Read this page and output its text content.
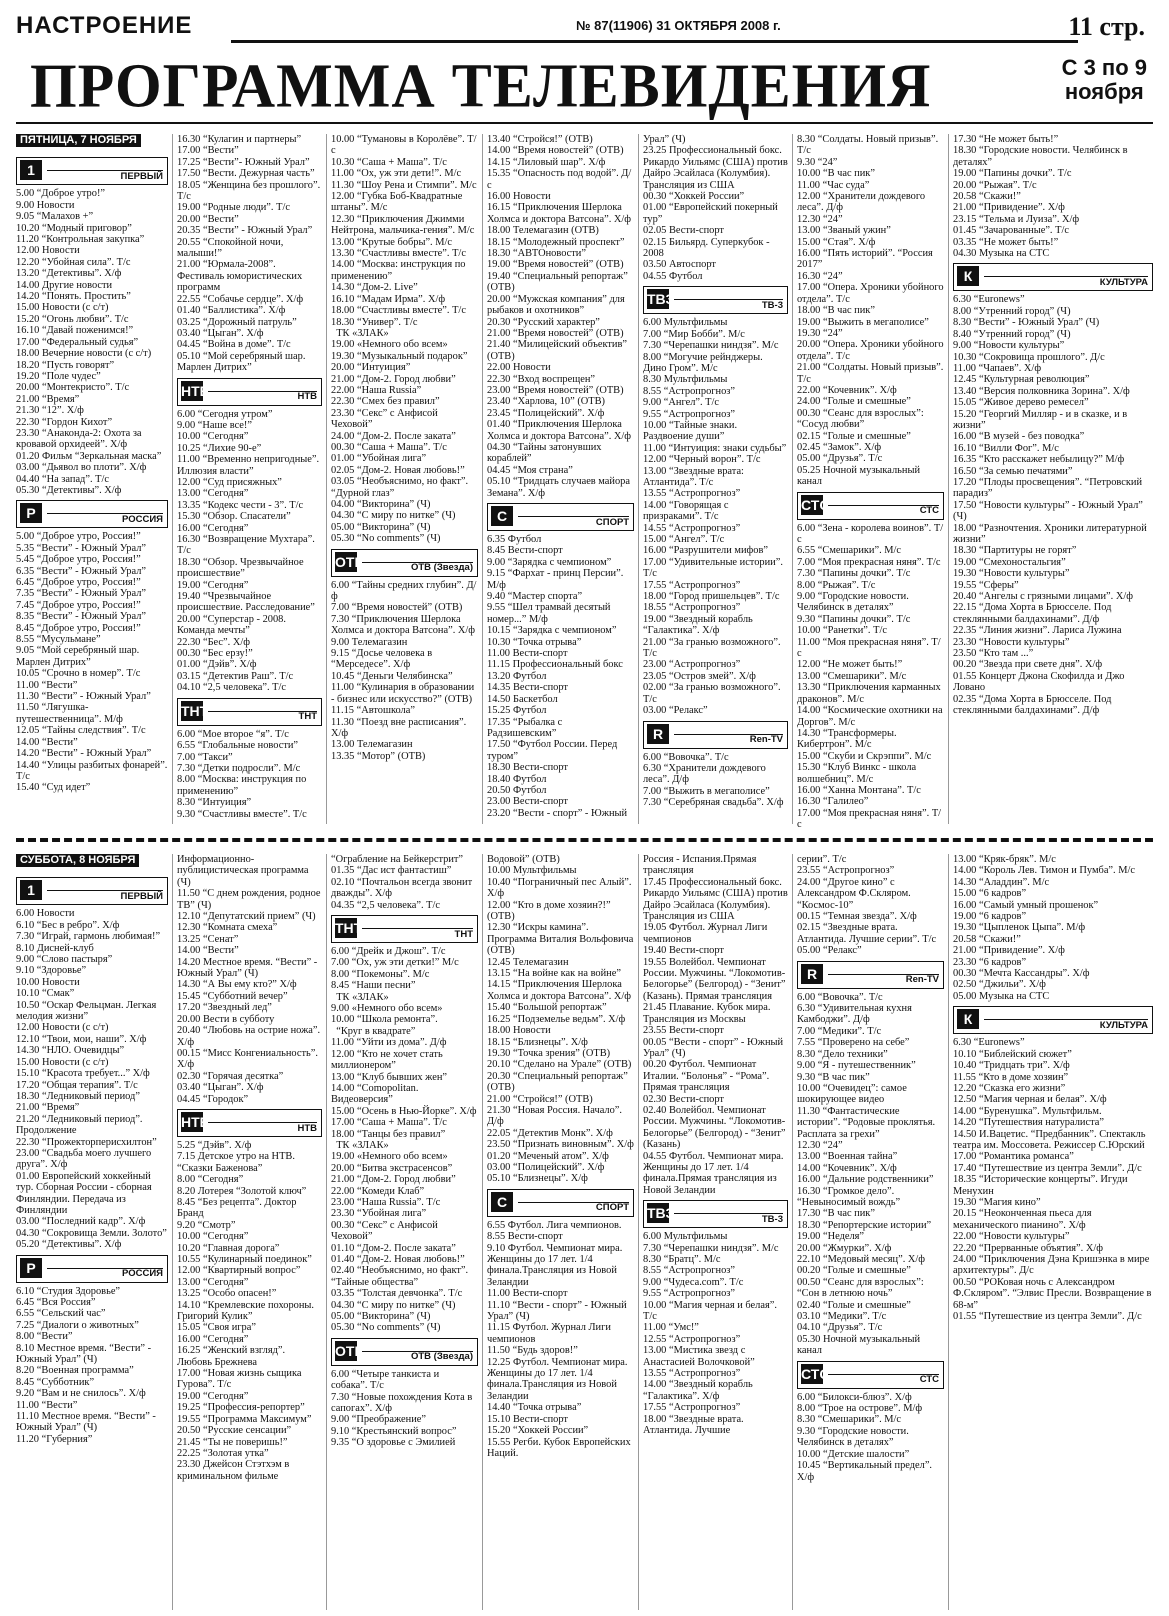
НАСТРОЕНИЕ	№ 87(11906) 31 ОКТЯБРЯ 2008 г.	11 стр.
ПРОГРАММА ТЕЛЕВИДЕНИЯ	С 3 по 9
ноября
ПЯТНИЦА, 7 НОЯБРЯ
1	ПЕРВЫЙ
5.00 “Доброе утро!”
9.00 Новости
9.05 “Малахов +”
10.20 “Модный приговор”
11.20 “Контрольная закупка”
12.00 Новости
12.20 “Убойная сила”. Т/с
13.20 “Детективы”. Х/ф
14.00 Другие новости
14.20 “Понять. Простить”
15.00 Новости (с с/т)
15.20 “Огонь любви”. Т/с
16.10 “Давай поженимся!”
17.00 “Федеральный судья”
18.00 Вечерние новости (с с/т)
18.20 “Пусть говорят”
19.20 “Поле чудес”
20.00 “Монтекристо”. Т/с
21.00 “Время”
21.30 “12”. Х/ф
22.30 “Гордон Кихот”
23.30 “Анаконда-2: Охота за кровавой орхидеей”. Х/ф
01.20 Фильм “Зеркальная маска”
03.00 “Дьявол во плоти”. Х/ф
04.40 “На запад”. Т/с
05.30 “Детективы”. Х/ф
Р	РОССИЯ
5.00 “Доброе утро, Россия!”
5.35 “Вести” - Южный Урал”
5.45 “Доброе утро, Россия!”
6.35 “Вести” - Южный Урал”
6.45 “Доброе утро, Россия!”
7.35 “Вести” - Южный Урал”
7.45 “Доброе утро, Россия!”
8.35 “Вести” - Южный Урал”
8.45 “Доброе утро, Россия!”
8.55 “Мусульмане”
9.05 “Мой серебряный шар. Марлен Дитрих”
10.05 “Срочно в номер”. Т/с
11.00 “Вести”
11.30 “Вести” - Южный Урал”
11.50 “Лягушка-путешественница”. М/ф
12.05 “Тайны следствия”. Т/с
14.00 “Вести”
14.20 “Вести” - Южный Урал”
14.40 “Улицы разбитых фонарей”. Т/с
15.40 “Суд идет”
16.30 “Кулагин и партнеры”
17.00 “Вести”
17.25 “Вести”- Южный Урал”
17.50 “Вести. Дежурная часть”
18.05 “Женщина без прошлого”. Т/с
19.00 “Родные люди”. Т/с
20.00 “Вести”
20.35 “Вести” - Южный Урал”
20.55 “Спокойной ночи, малыши!”
21.00 “Юрмала-2008”. Фестиваль юмористических программ
22.55 “Собачье сердце”. Х/ф
01.40 “Баллистика”. Х/ф
03.25 “Дорожный патруль”
03.40 “Цыган”. Х/ф
04.45 “Война в доме”. Т/с
05.10 “Мой серебряный шар. Марлен Дитрих”
НТВ	НТВ
6.00 “Сегодня утром”
9.00 “Наше все!”
10.00 “Сегодня”
10.25 “Лихие 90-е”
11.00 “Временно непригодные”. Иллюзия власти”
12.00 “Суд присяжных”
13.00 “Сегодня”
13.35 “Кодекс чести - 3”. Т/с
15.30 “Обзор. Спасатели”
16.00 “Сегодня”
16.30 “Возвращение Мухтара”. Т/с
18.30 “Обзор. Чрезвычайное происшествие”
19.00 “Сегодня”
19.40 “Чрезвычайное происшествие. Расследование”
20.00 “Суперстар - 2008. Команда мечты”
22.30 “Бес”. Х/ф
00.30 “Бес ерзу!”
01.00 “Дэйв”. Х/ф
03.15 “Детектив Раш”. Т/с
04.10 “2,5 человека”. Т/с
ТНТ	ТНТ
6.00 “Мое второе “я”. Т/с
6.55 “Глобальные новости”
7.00 “Такси”
7.30 “Детки подросли”. М/с
8.00 “Москва: инструкция по применению”
8.30 “Интуиция”
9.30 “Счастливы вместе”. Т/с
10.00 “Тумановы в Королёве”. Т/с
10.30 “Саша + Маша”. Т/с
11.00 “Ох, уж эти дети!”. М/с
11.30 “Шоу Рена и Стимпи”. М/с
12.00 “Губка Боб-Квадратные штаны”. М/с
12.30 “Приключения Джимми Нейтрона, мальчика-гения”. М/с
13.00 “Крутые бобры”. М/с
13.30 “Счастливы вместе”. Т/с
14.00 “Москва: инструкция по применению”
14.30 “Дом-2. Live”
16.10 “Мадам Ирма”. Х/ф
18.00 “Счастливы вместе”. Т/с
18.30 “Универ”. Т/с
ТК «ЗЛАК»
19.00 «Немного обо всем»
19.30 “Музыкальный подарок”
20.00 “Интуиция”
21.00 “Дом-2. Город любви”
22.00 “Наша Russia”
22.30 “Смех без правил”
23.30 “Секс” с Анфисой Чеховой”
24.00 “Дом-2. После заката”
00.30 “Саша + Маша”. Т/с
01.00 “Убойная лига”
02.05 “Дом-2. Новая любовь!”
03.05 “Необъяснимо, но факт”. “Дурной глаз”
04.00 “Викторина” (Ч)
04.30 “С миру по нитке” (Ч)
05.00 “Викторина” (Ч)
05.30 “No comments” (Ч)
ОТВ	ОТВ (Звезда)
6.00 “Тайны средних глубин”. Д/ф
7.00 “Время новостей” (ОТВ)
7.30 “Приключения Шерлока Холмса и доктора Ватсона”. Х/ф
9.00 Телемагазин
9.15 “Досье человека в “Мерседесе”. Х/ф
10.45 “Деньги Челябинска”
11.00 “Кулинария в образовании - бизнес или искусство?” (ОТВ)
11.15 “Автошкола”
11.30 “Поезд вне расписания”. Х/ф
13.00 Телемагазин
13.35 “Мотор” (ОТВ)
13.40 “Стройся!” (ОТВ)
14.00 “Время новостей” (ОТВ)
14.15 “Лиловый шар”. Х/ф
15.35 “Опасность под водой”. Д/с
16.00 Новости
16.15 “Приключения Шерлока Холмса и доктора Ватсона”. Х/ф
18.00 Телемагазин (ОТВ)
18.15 “Молодежный проспект”
18.30 “АВТОновости”
19.00 “Время новостей” (ОТВ)
19.40 “Специальный репортаж” (ОТВ)
20.00 “Мужская компания” для рыбаков и охотников”
20.30 “Русский характер”
21.00 “Время новостей” (ОТВ)
21.40 “Милицейский объектив” (ОТВ)
22.00 Новости
22.30 “Вход воспрещен”
23.00 “Время новостей” (ОТВ)
23.40 “Харлова, 10” (ОТВ)
23.45 “Полицейский”. Х/ф
01.40 “Приключения Шерлока Холмса и доктора Ватсона”. Х/ф
04.30 “Тайны затонувших кораблей”
04.45 “Моя страна”
05.10 “Тридцать случаев майора Земана”. Х/ф
С	СПОРТ
6.35 Футбол
8.45 Вести-спорт
9.00 “Зарядка с чемпионом”
9.15 “Фархат - принц Персии”. М/ф
9.40 “Мастер спорта”
9.55 “Шел трамвай десятый номер...” М/ф
10.15 “Зарядка с чемпионом”
10.30 “Точка отрыва”
11.00 Вести-спорт
11.15 Профессиональный бокс
13.20 Футбол
14.35 Вести-спорт
14.50 Баскетбол
15.25 Футбол
17.35 “Рыбалка с Радзишевским”
17.50 “Футбол России. Перед туром”
18.30 Вести-спорт
18.40 Футбол
20.50 Футбол
23.00 Вести-спорт
23.20 “Вести - спорт” - Южный
Урал” (Ч)
23.25 Профессиональный бокс. Рикардо Уильямс (США) против Дайро Эсайласа (Колумбия). Трансляция из США
00.30 “Хоккей России”
01.00 “Европейский покерный тур”
02.05 Вести-спорт
02.15 Бильярд. Суперкубок - 2008
03.50 Автоспорт
04.55 Футбол
ТВ3	ТВ-3
6.00 Мультфильмы
7.00 “Мир Бобби”. М/с
7.30 “Черепашки ниндзя”. М/с
8.00 “Могучие рейнджеры. Дино Гром”. М/с
8.30 Мультфильмы
8.55 “Астропрогноз”
9.00 “Ангел”. Т/с
9.55 “Астропрогноз”
10.00 “Тайные знаки. Раздвоение души”
11.00 “Интуиция: знаки судьбы”
12.00 “Черный ворон”. Т/с
13.00 “Звездные врата: Атлантида”. Т/с
13.55 “Астропрогноз”
14.00 “Говорящая с призраками”. Т/с
14.55 “Астропрогноз”
15.00 “Ангел”. Т/с
16.00 “Разрушители мифов”
17.00 “Удивительные истории”. Т/с
17.55 “Астропрогноз”
18.00 “Город пришельцев”. Т/с
18.55 “Астропрогноз”
19.00 “Звездный корабль “Галактика”. Х/ф
21.00 “За гранью возможного”. Т/с
23.00 “Астропрогноз”
23.05 “Остров змей”. Х/ф
02.00 “За гранью возможного”. Т/с
03.00 “Релакс”
R	Ren-TV
6.00 “Вовочка”. Т/с
6.30 “Хранители дождевого леса”. Д/ф
7.00 “Выжить в мегаполисе”
7.30 “Серебряная свадьба”. Х/ф
8.30 “Солдаты. Новый призыв”. Т/с
9.30 “24”
10.00 “В час пик”
11.00 “Час суда”
12.00 “Хранители дождевого леса”. Д/ф
12.30 “24”
13.00 “Званый ужин”
15.00 “Стая”. Х/ф
16.00 “Пять историй”. “Россия 2017”
16.30 “24”
17.00 “Опера. Хроники убойного отдела”. Т/с
18.00 “В час пик”
19.00 “Выжить в мегаполисе”
19.30 “24”
20.00 “Опера. Хроники убойного отдела”. Т/с
21.00 “Солдаты. Новый призыв”. Т/с
22.00 “Кочевник”. Х/ф
24.00 “Голые и смешные”
00.30 “Сеанс для взрослых”: “Сосуд любви”
02.15 “Голые и смешные”
02.45 “Замок”. Х/ф
05.00 “Друзья”. Т/с
05.25 Ночной музыкальный канал
СТС	СТС
6.00 “Зена - королева воинов”. Т/с
6.55 “Смешарики”. М/с
7.00 “Моя прекрасная няня”. Т/с
7.30 “Папины дочки”. Т/с
8.00 “Рыжая”. Т/с
9.00 “Городские новости. Челябинск в деталях”
9.30 “Папины дочки”. Т/с
10.00 “Ранетки”. Т/с
11.00 “Моя прекрасная няня”. Т/с
12.00 “Не может быть!”
13.00 “Смешарики”. М/с
13.30 “Приключения карманных драконов”. М/с
14.00 “Космические охотники на Доргов”. М/с
14.30 “Трансформеры. Кибертрон”. М/с
15.00 “Скуби и Скрэппи”. М/с
15.30 “Клуб Винкс - школа волшебниц”. М/с
16.00 “Ханна Монтана”. Т/с
16.30 “Галилео”
17.00 “Моя прекрасная няня”. Т/с
17.30 “Не может быть!”
18.30 “Городские новости. Челябинск в деталях”
19.00 “Папины дочки”. Т/с
20.00 “Рыжая”. Т/с
20.58 “Скажи!”
21.00 “Привидение”. Х/ф
23.15 “Тельма и Луиза”. Х/ф
01.45 “Зачарованные”. Т/с
03.35 “Не может быть!”
04.30 Музыка на СТС
К	КУЛЬТУРА
6.30 “Euronews”
8.00 “Утренний город” (Ч)
8.30 “Вести” - Южный Урал” (Ч)
8.40 “Утренний город” (Ч)
9.00 “Новости культуры”
10.30 “Сокровища прошлого”. Д/с
11.00 “Чапаев”. Х/ф
12.45 “Культурная революция”
13.40 “Версия полковника Зорина”. Х/ф
15.05 “Живое дерево ремесел”
15.20 “Георгий Милляр - и в сказке, и в жизни”
16.00 “В музей - без поводка”
16.10 “Вилли Фог”. М/с
16.35 “Кто расскажет небылицу?” М/ф
16.50 “За семью печатями”
17.20 “Плоды просвещения”. “Петровский парадиз”
17.50 “Новости культуры” - Южный Урал” (Ч)
18.00 “Разночтения. Хроники литературной жизни”
18.30 “Партитуры не горят”
19.00 “Смехоностальгия”
19.30 “Новости культуры”
19.55 “Сферы”
20.40 “Ангелы с грязными лицами”. Х/ф
22.15 “Дома Хорта в Брюсселе. Под стеклянными балдахинами”. Д/ф
22.35 “Линия жизни”. Лариса Лужина
23.30 “Новости культуры”
23.50 “Кто там ...”
00.20 “Звезда при свете дня”. Х/ф
01.55 Концерт Джона Скофилда и Джо Ловано
02.35 “Дома Хорта в Брюсселе. Под стеклянными балдахинами”. Д/ф
СУББОТА, 8 НОЯБРЯ
1	ПЕРВЫЙ
6.00 Новости
6.10 “Бес в ребро”. Х/ф
7.30 “Играй, гармонь любимая!”
8.10 Дисней-клуб
9.00 “Слово пастыря”
9.10 “Здоровье”
10.00 Новости
10.10 “Смак”
10.50 “Оскар Фельцман. Легкая мелодия жизни”
12.00 Новости (с с/т)
12.10 “Твои, мои, наши”. Х/ф
14.30 “НЛО. Очевидцы”
15.00 Новости (с с/т)
15.10 “Красота требует...” Х/ф
17.20 “Общая терапия”. Т/с
18.30 “Ледниковый период”
21.00 “Время”
21.20 “Ледниковый период”. Продолжение
22.30 “Прожекторперисхилтон”
23.00 “Свадьба моего лучшего друга”. Х/ф
01.00 Европейский хоккейный тур. Сборная России - сборная Финляндии. Передача из Финляндии
03.00 “Последний кадр”. Х/ф
04.30 “Сокровища Земли. Золото”
05.20 “Детективы”. Х/ф
Р	РОССИЯ
6.10 “Студия Здоровье”
6.45 “Вся Россия”
6.55 “Сельский час”
7.25 “Диалоги о животных”
8.00 “Вести”
8.10 Местное время. “Вести” - Южный Урал” (Ч)
8.20 “Военная программа”
8.45 “Субботник”
9.20 “Вам и не снилось”. Х/ф
11.00 “Вести”
11.10 Местное время. “Вести” - Южный Урал” (Ч)
11.20 “Губерния”
Информационно-публицистическая программа (Ч)
11.50 “С днем рождения, родное ТВ” (Ч)
12.10 “Депутатский прием” (Ч)
12.30 “Комната смеха”
13.25 “Сенат”
14.00 “Вести”
14.20 Местное время. “Вести” - Южный Урал” (Ч)
14.30 “А Вы ему кто?” Х/ф
15.45 “Субботний вечер”
17.20 “Звездный лед”
20.00 Вести в субботу
20.40 “Любовь на острие ножа”. Х/ф
00.15 “Мисс Конгениальность”. Х/ф
02.30 “Горячая десятка”
03.40 “Цыган”. Х/ф
04.45 “Городок”
НТВ	НТВ
5.25 “Дэйв”. Х/ф
7.15 Детское утро на НТВ. “Сказки Баженова”
8.00 “Сегодня”
8.20 Лотерея “Золотой ключ”
8.45 “Без рецепта”. Доктор Бранд
9.20 “Смотр”
10.00 “Сегодня”
10.20 “Главная дорога”
10.55 “Кулинарный поединок”
12.00 “Квартирный вопрос”
13.00 “Сегодня”
13.25 “Особо опасен!”
14.10 “Кремлевские похороны. Григорий Кулик”
15.05 “Своя игра”
16.00 “Сегодня”
16.25 “Женский взгляд”. Любовь Брежнева
17.00 “Новая жизнь сыщика Гурова”. Т/с
19.00 “Сегодня”
19.25 “Профессия-репортер”
19.55 “Программа Максимум”
20.50 “Русские сенсации”
21.45 “Ты не поверишь!”
22.25 “Золотая утка”
23.30 Джейсон Стэтхэм в криминальном фильме
“Ограбление на Бейкерстрит”
01.35 “Дас ист фантастиш”
02.10 “Почтальон всегда звонит дважды”. Х/ф
04.35 “2,5 человека”. Т/с
ТНТ	ТНТ
6.00 “Дрейк и Джош”. Т/с
7.00 “Ох, уж эти детки!” М/с
8.00 “Покемоны”. М/с
8.45 “Наши песни”
ТК «ЗЛАК»
9.00 «Немного обо всем»
10.00 “Школа ремонта”.
“Круг в квадрате”
11.00 “Уйти из дома”. Д/ф
12.00 “Кто не хочет стать миллионером”
13.00 “Клуб бывших жен”
14.00 “Comopolitan. Видеоверсия”
15.00 “Осень в Нью-Йорке”. Х/ф
17.00 “Саша + Маша”. Т/с
18.00 “Танцы без правил”
ТК «ЗЛАК»
19.00 «Немного обо всем»
20.00 “Битва экстрасенсов”
21.00 “Дом-2. Город любви”
22.00 “Комеди Клаб”
23.00 “Наша Russia”. Т/с
23.30 “Убойная лига”
00.30 “Секс” с Анфисой Чеховой”
01.10 “Дом-2. После заката”
01.40 “Дом-2. Новая любовь!”
02.40 “Необъяснимо, но факт”. “Тайные общества”
03.35 “Толстая девчонка”. Т/с
04.30 “С миру по нитке” (Ч)
05.00 “Викторина” (Ч)
05.30 “No comments” (Ч)
ОТВ	ОТВ (Звезда)
6.00 “Четыре танкиста и собака”. Т/с
7.30 “Новые похождения Кота в сапогах”. Х/ф
9.00 “Преображение”
9.10 “Крестьянский вопрос”
9.35 “О здоровье с Эмилией
Водовой” (ОТВ)
10.00 Мультфильмы
10.40 “Пограничный пес Алый”. Х/ф
12.00 “Кто в доме хозяин?!” (ОТВ)
12.30 “Искры камина”. Программа Виталия Вольфовича (ОТВ)
12.45 Телемагазин
13.15 “На войне как на войне”
14.15 “Приключения Шерлока Холмса и доктора Ватсона”. Х/ф
15.40 “Большой репортаж”
16.25 “Подземелье ведьм”. Х/ф
18.00 Новости
18.15 “Близнецы”. Х/ф
19.30 “Точка зрения” (ОТВ)
20.10 “Сделано на Урале” (ОТВ)
20.30 “Специальный репортаж” (ОТВ)
21.00 “Стройся!” (ОТВ)
21.30 “Новая Россия. Начало”. Д/ф
22.05 “Детектив Монк”. Х/ф
23.50 “Признать виновным”. Х/ф
01.20 “Меченый атом”. Х/ф
03.00 “Полицейский”. Х/ф
05.10 “Близнецы”. Х/ф
С	СПОРТ
6.55 Футбол. Лига чемпионов.
8.55 Вести-спорт
9.10 Футбол. Чемпионат мира. Женщины до 17 лет. 1/4 финала.Трансляция из Новой Зеландии
11.00 Вести-спорт
11.10 “Вести - спорт” - Южный Урал” (Ч)
11.15 Футбол. Журнал Лиги чемпионов
11.50 “Будь здоров!”
12.25 Футбол. Чемпионат мира. Женщины до 17 лет. 1/4 финала.Трансляция из Новой Зеландии
14.40 “Точка отрыва”
15.10 Вести-спорт
15.20 “Хоккей России”
15.55 Регби. Кубок Европейских Наций.
Россия - Испания.Прямая трансляция
17.45 Профессиональный бокс. Рикардо Уильямс (США) против Дайро Эсайласа (Колумбия). Трансляция из США
19.05 Футбол. Журнал Лиги чемпионов
19.40 Вести-спорт
19.55 Волейбол. Чемпионат России. Мужчины. “Локомотив-Белогорье” (Белгород) - “Зенит” (Казань). Прямая трансляция
21.45 Плавание. Кубок мира. Трансляция из Москвы
23.55 Вести-спорт
00.05 “Вести - спорт” - Южный Урал” (Ч)
00.20 Футбол. Чемпионат Италии. “Болонья” - “Рома”. Прямая трансляция
02.30 Вести-спорт
02.40 Волейбол. Чемпионат России. Мужчины. “Локомотив-Белогорье” (Белгород) - “Зенит” (Казань)
04.55 Футбол. Чемпионат мира. Женщины до 17 лет. 1/4 финала.Прямая трансляция из Новой Зеландии
ТВ3	ТВ-3
6.00 Мультфильмы
7.30 “Черепашки ниндзя”. М/с
8.30 “Братц”. М/с
8.55 “Астропрогноз”
9.00 “Чудеса.com”. Т/с
9.55 “Астропрогноз”
10.00 “Магия черная и белая”. Т/с
11.00 “Умс!”
12.55 “Астропрогноз”
13.00 “Мистика звезд с Анастасией Волочковой”
13.55 “Астропрогноз”
14.00 “Звездный корабль “Галактика”. Х/ф
17.55 “Астропрогноз”
18.00 “Звездные врата. Атлантида. Лучшие
серии”. Т/с
23.55 “Астропрогноз”
24.00 “Другое кино” с Александром Ф.Скляром. “Космос-10”
00.15 “Темная звезда”. Х/ф
02.15 “Звездные врата. Атлантида. Лучшие серии”. Т/с
05.00 “Релакс”
R	Ren-TV
6.00 “Вовочка”. Т/с
6.30 “Удивительная кухня Камбоджи”. Д/ф
7.00 “Медики”. Т/с
7.55 “Проверено на себе”
8.30 “Дело техники”
9.00 “Я - путешественник”
9.30 “В час пик”
10.00 “Очевидец”: самое шокирующее видео
11.30 “Фантастические истории”. “Родовые проклятья. Расплата за грехи”
12.30 “24”
13.00 “Военная тайна”
14.00 “Кочевник”. Х/ф
16.00 “Дальние родственники”
16.30 “Громкое дело”. “Невыносимый вождь”
17.30 “В час пик”
18.30 “Репортерские истории”
19.00 “Неделя”
20.00 “Жмурки”. Х/ф
22.10 “Медовый месяц”. Х/ф
00.20 “Голые и смешные”
00.50 “Сеанс для взрослых”: “Сон в летнюю ночь”
02.40 “Голые и смешные”
03.10 “Медики”. Т/с
04.10 “Друзья”. Т/с
05.30 Ночной музыкальный канал
СТС	СТС
6.00 “Билокси-блюз”. Х/ф
8.00 “Трое на острове”. М/ф
8.30 “Смешарики”. М/с
9.30 “Городские новости. Челябинск в деталях”
10.00 “Детские шалости”
10.45 “Вертикальный предел”. Х/ф
13.00 “Кряк-бряк”. М/с
14.00 “Король Лев. Тимон и Пумба”. М/с
14.30 “Аладдин”. М/с
15.00 “6 кадров”
16.00 “Самый умный прошенок”
19.00 “6 кадров”
19.30 “Цыпленок Цыпа”. М/ф
20.58 “Скажи!”
21.00 “Привидение”. Х/ф
23.30 “6 кадров”
00.30 “Мечта Кассандры”. Х/ф
02.50 “Джильи”. Х/ф
05.00 Музыка на СТС
К	КУЛЬТУРА
6.30 “Euronews”
10.10 “Библейский сюжет”
10.40 “Тридцать три”. Х/ф
11.55 “Кто в доме хозяин”
12.20 “Сказка его жизни”
12.50 “Магия черная и белая”. Х/ф
14.00 “Буренушка”. Мультфильм.
14.20 “Путешествия натуралиста”
14.50 И.Вацетис. “Предбанник”. Спектакль театра им. Моссовета. Режиссер С.Юрский
17.00 “Романтика романса”
17.40 “Путешествие из центра Земли”. Д/с
18.35 “Исторические концерты”. Игуди Менухин
19.30 “Магия кино”
20.15 “Неоконченная пьеса для механического пианино”. Х/ф
22.00 “Новости культуры”
22.20 “Прерванные объятия”. Х/ф
24.00 “Приключения Дэна Кришэнка в мире архитектуры”. Д/с
00.50 “РОКовая ночь с Александром Ф.Скляром”. “Элвис Пресли. Возвращение в 68-м”
01.55 “Путешествие из центра Земли”. Д/с
